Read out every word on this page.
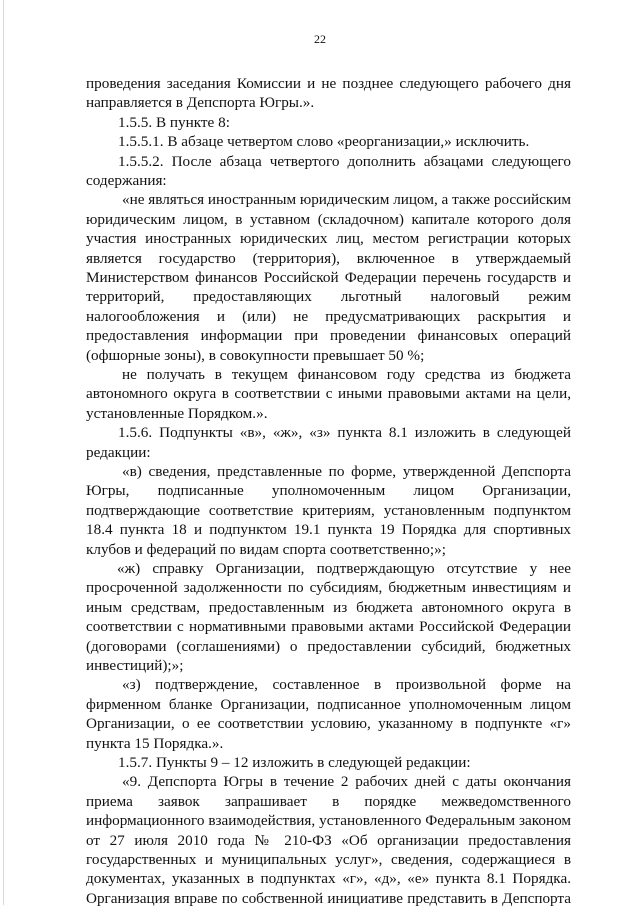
22
проведения заседания Комиссии и не позднее следующего рабочего дня
направляется в Депспорта Югры.».
1.5.5. В пункте 8:
1.5.5.1. В абзаце четвертом слово «реорганизации,» исключить.
1.5.5.2. После абзаца четвертого дополнить абзацами следующего
содержания:
«не являться иностранным юридическим лицом, а также российским
юридическим лицом, в уставном (складочном) капитале которого доля
участия иностранных юридических лиц, местом регистрации которых
является государство (территория), включенное в утверждаемый
Министерством финансов Российской Федерации перечень государств и
территорий, предоставляющих льготный налоговый режим
налогообложения и (или) не предусматривающих раскрытия и
предоставления информации при проведении финансовых операций
(офшорные зоны), в совокупности превышает 50 %;
не получать в текущем финансовом году средства из бюджета
автономного округа в соответствии с иными правовыми актами на цели,
установленные Порядком.».
1.5.6. Подпункты «в», «ж», «з» пункта 8.1 изложить в следующей
редакции:
«в) сведения, представленные по форме, утвержденной Депспорта
Югры, подписанные уполномоченным лицом Организации,
подтверждающие соответствие критериям, установленным подпунктом
18.4 пункта 18 и подпунктом 19.1 пункта 19 Порядка для спортивных
клубов и федераций по видам спорта соответственно;»;
«ж) справку Организации, подтверждающую отсутствие у нее
просроченной задолженности по субсидиям, бюджетным инвестициям и
иным средствам, предоставленным из бюджета автономного округа в
соответствии с нормативными правовыми актами Российской Федерации
(договорами (соглашениями) о предоставлении субсидий, бюджетных
инвестиций);»;
«з) подтверждение, составленное в произвольной форме на
фирменном бланке Организации, подписанное уполномоченным лицом
Организации, о ее соответствии условию, указанному в подпункте «г»
пункта 15 Порядка.».
1.5.7. Пункты 9 – 12 изложить в следующей редакции:
«9. Депспорта Югры в течение 2 рабочих дней с даты окончания
приема заявок запрашивает в порядке межведомственного
информационного взаимодействия, установленного Федеральным законом
от 27 июля 2010 года № 210-ФЗ «Об организации предоставления
государственных и муниципальных услуг», сведения, содержащиеся в
документах, указанных в подпунктах «г», «д», «е» пункта 8.1 Порядка.
Организация вправе по собственной инициативе представить в Депспорта
